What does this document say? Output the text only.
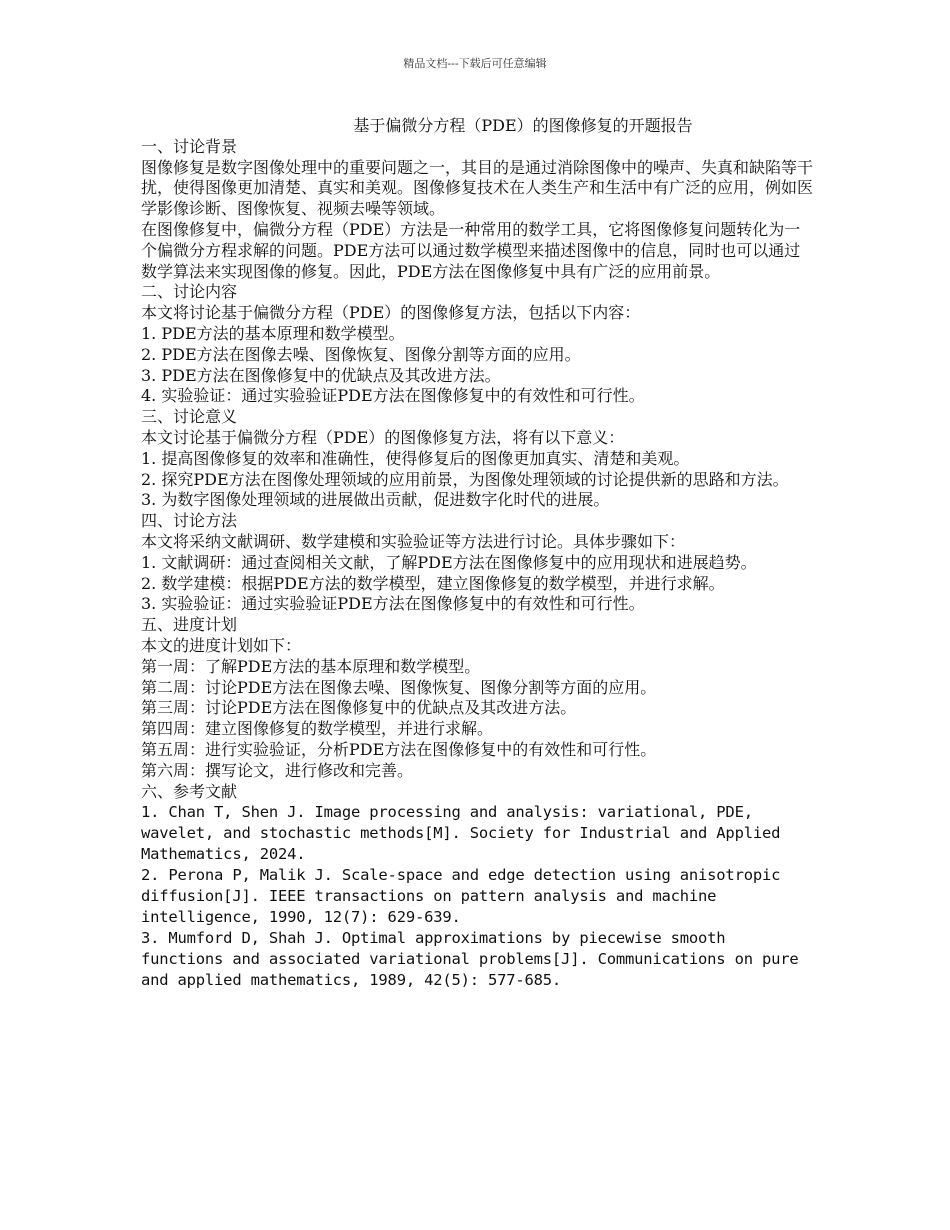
精品文档---下载后可任意编辑
基于偏微分方程（PDE）的图像修复的开题报告

一、讨论背景

图像修复是数字图像处理中的重要问题之一，其目的是通过消除图像中的噪声、失真和缺陷等干扰，使得图像更加清楚、真实和美观。图像修复技术在人类生产和生活中有广泛的应用，例如医学影像诊断、图像恢复、视频去噪等领域。

在图像修复中，偏微分方程（PDE）方法是一种常用的数学工具，它将图像修复问题转化为一个偏微分方程求解的问题。PDE方法可以通过数学模型来描述图像中的信息，同时也可以通过数学算法来实现图像的修复。因此，PDE方法在图像修复中具有广泛的应用前景。

二、讨论内容

本文将讨论基于偏微分方程（PDE）的图像修复方法，包括以下内容：

1. PDE方法的基本原理和数学模型。

2. PDE方法在图像去噪、图像恢复、图像分割等方面的应用。

3. PDE方法在图像修复中的优缺点及其改进方法。

4. 实验验证：通过实验验证PDE方法在图像修复中的有效性和可行性。

三、讨论意义

本文讨论基于偏微分方程（PDE）的图像修复方法，将有以下意义：

1. 提高图像修复的效率和准确性，使得修复后的图像更加真实、清楚和美观。

2. 探究PDE方法在图像处理领域的应用前景，为图像处理领域的讨论提供新的思路和方法。

3. 为数字图像处理领域的进展做出贡献，促进数字化时代的进展。

四、讨论方法

本文将采纳文献调研、数学建模和实验验证等方法进行讨论。具体步骤如下：

1. 文献调研：通过查阅相关文献，了解PDE方法在图像修复中的应用现状和进展趋势。

2. 数学建模：根据PDE方法的数学模型，建立图像修复的数学模型，并进行求解。

3. 实验验证：通过实验验证PDE方法在图像修复中的有效性和可行性。

五、进度计划

本文的进度计划如下：

第一周：了解PDE方法的基本原理和数学模型。

第二周：讨论PDE方法在图像去噪、图像恢复、图像分割等方面的应用。

第三周：讨论PDE方法在图像修复中的优缺点及其改进方法。

第四周：建立图像修复的数学模型，并进行求解。

第五周：进行实验验证，分析PDE方法在图像修复中的有效性和可行性。

第六周：撰写论文，进行修改和完善。

六、参考文献

1. Chan T, Shen J. Image processing and analysis: variational, PDE, wavelet, and stochastic methods[M]. Society for Industrial and Applied Mathematics, 2024.

2. Perona P, Malik J. Scale-space and edge detection using anisotropic diffusion[J]. IEEE transactions on pattern analysis and machine intelligence, 1990, 12(7): 629-639.

3. Mumford D, Shah J. Optimal approximations by piecewise smooth functions and associated variational problems[J]. Communications on pure and applied mathematics, 1989, 42(5): 577-685.
